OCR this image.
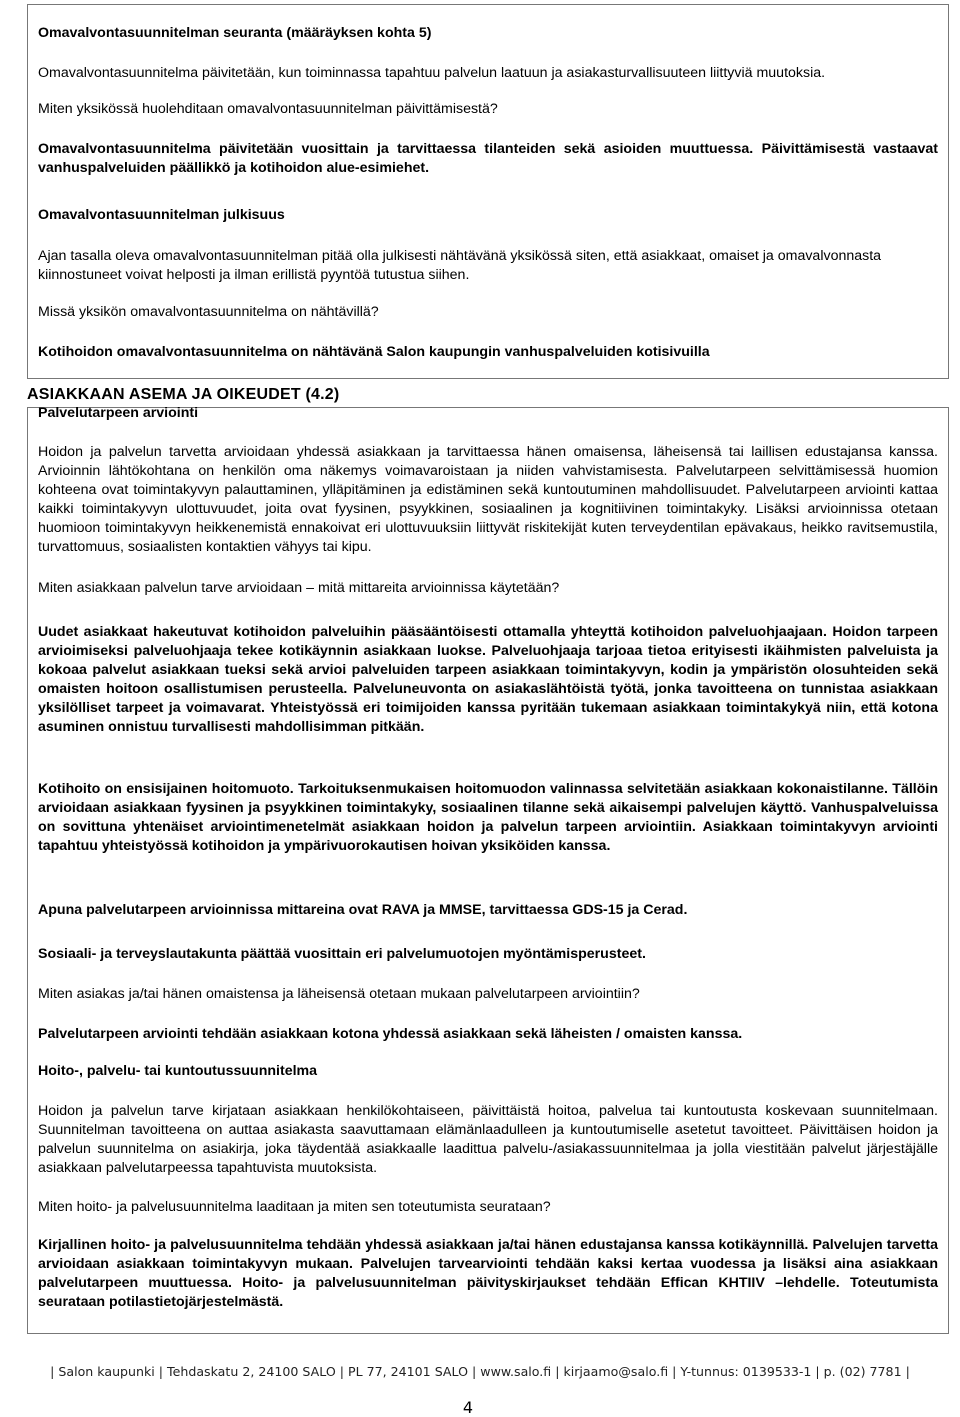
Omavalvontasuunnitelman seuranta (määräyksen kohta 5)

Omavalvontasuunnitelma päivitetään, kun toiminnassa tapahtuu palvelun laatuun ja asiakasturvallisuuteen liittyviä muutoksia.

Miten yksikössä huolehditaan omavalvontasuunnitelman päivittämisestä?

Omavalvontasuunnitelma päivitetään vuosittain ja tarvittaessa tilanteiden sekä asioiden muuttuessa. Päivittämisestä vastaavat vanhuspalveluiden päällikkö ja kotihoidon alue-esimiehet.

Omavalvontasuunnitelman julkisuus

Ajan tasalla oleva omavalvontasuunnitelman pitää olla julkisesti nähtävänä yksikössä siten, että asiakkaat, omaiset ja omavalvonnasta kiinnostuneet voivat helposti ja ilman erillistä pyyntöä tutustua siihen.

Missä yksikön omavalvontasuunnitelma on nähtävillä?

Kotihoidon omavalvontasuunnitelma on nähtävänä Salon kaupungin vanhuspalveluiden kotisivuilla

ASIAKKAAN ASEMA JA OIKEUDET (4.2)

Palvelutarpeen arviointi

Hoidon ja palvelun tarvetta arvioidaan yhdessä asiakkaan ja tarvittaessa hänen omaisensa, läheisensä tai laillisen edustajansa kanssa. Arvioinnin lähtökohtana on henkilön oma näkemys voimavaroistaan ja niiden vahvistamisesta. Palvelutarpeen selvittämisessä huomion kohteena ovat toimintakyvyn palauttaminen, ylläpitäminen ja edistäminen sekä kuntoutuminen mahdollisuudet. Palvelutarpeen arviointi kattaa kaikki toimintakyvyn ulottuvuudet, joita ovat fyysinen, psyykkinen, sosiaalinen ja kognitiivinen toimintakyky. Lisäksi arvioinnissa otetaan huomioon toimintakyvyn heikkenemistä ennakoivat eri ulottuvuuksiin liittyvät riskitekijät kuten terveydentilan epävakaus, heikko ravitsemustila, turvattomuus, sosiaalisten kontaktien vähyys tai kipu.

Miten asiakkaan palvelun tarve arvioidaan – mitä mittareita arvioinnissa käytetään?

Uudet asiakkaat hakeutuvat kotihoidon palveluihin pääsääntöisesti ottamalla yhteyttä kotihoidon palveluohjaajaan. Hoidon tarpeen arvioimiseksi palveluohjaaja tekee kotikäynnin asiakkaan luokse. Palveluohjaaja tarjoaa tietoa erityisesti ikäihmisten palveluista ja kokoaa palvelut asiakkaan tueksi sekä arvioi palveluiden tarpeen asiakkaan toimintakyvyn, kodin ja ympäristön olosuhteiden sekä omaisten hoitoon osallistumisen perusteella. Palveluneuvonta on asiakaslähtöistä työtä, jonka tavoitteena on tunnistaa asiakkaan yksilölliset tarpeet ja voimavarat. Yhteistyössä eri toimijoiden kanssa pyritään tukemaan asiakkaan toimintakykyä niin, että kotona asuminen onnistuu turvallisesti mahdollisimman pitkään.

Kotihoito on ensisijainen hoitomuoto. Tarkoituksenmukaisen hoitomuodon valinnassa selvitetään asiakkaan kokonaistilanne. Tällöin arvioidaan asiakkaan fyysinen ja psyykkinen toimintakyky, sosiaalinen tilanne sekä aikaisempi palvelujen käyttö. Vanhuspalveluissa on sovittuna yhtenäiset arviointimenetelmät asiakkaan hoidon ja palvelun tarpeen arviointiin. Asiakkaan toimintakyvyn arviointi tapahtuu yhteistyössä kotihoidon ja ympärivuorokautisen hoivan yksiköiden kanssa.

Apuna palvelutarpeen arvioinnissa mittareina ovat RAVA ja MMSE, tarvittaessa GDS-15 ja Cerad.

Sosiaali- ja terveyslautakunta päättää vuosittain eri palvelumuotojen myöntämisperusteet.

Miten asiakas ja/tai hänen omaistensa ja läheisensä otetaan mukaan palvelutarpeen arviointiin?

Palvelutarpeen arviointi tehdään asiakkaan kotona yhdessä asiakkaan sekä läheisten / omaisten kanssa.

Hoito-, palvelu- tai kuntoutussuunnitelma

Hoidon ja palvelun tarve kirjataan asiakkaan henkilökohtaiseen, päivittäistä hoitoa, palvelua tai kuntoutusta koskevaan suunnitelmaan. Suunnitelman tavoitteena on auttaa asiakasta saavuttamaan elämänlaadulleen ja kuntoutumiselle asetetut tavoitteet. Päivittäisen hoidon ja palvelun suunnitelma on asiakirja, joka täydentää asiakkaalle laadittua palvelu-/asiakassuunnitelmaa ja jolla viestitään palvelut järjestäjälle asiakkaan palvelutarpeessa tapahtuvista muutoksista.

Miten hoito- ja palvelusuunnitelma laaditaan ja miten sen toteutumista seurataan?

Kirjallinen hoito- ja palvelusuunnitelma tehdään yhdessä asiakkaan ja/tai hänen edustajansa kanssa kotikäynnillä. Palvelujen tarvetta arvioidaan asiakkaan toimintakyvyn mukaan. Palvelujen tarvearviointi tehdään kaksi kertaa vuodessa ja lisäksi aina asiakkaan palvelutarpeen muuttuessa. Hoito- ja palvelusuunnitelman päivityskirjaukset tehdään Effican KHTIIV –lehdelle. Toteutumista seurataan potilastietojärjestelmästä.

| Salon kaupunki | Tehdaskatu 2, 24100 SALO | PL 77, 24101 SALO | www.salo.fi | kirjaamo@salo.fi | Y-tunnus: 0139533-1 | p. (02) 7781 |
4
